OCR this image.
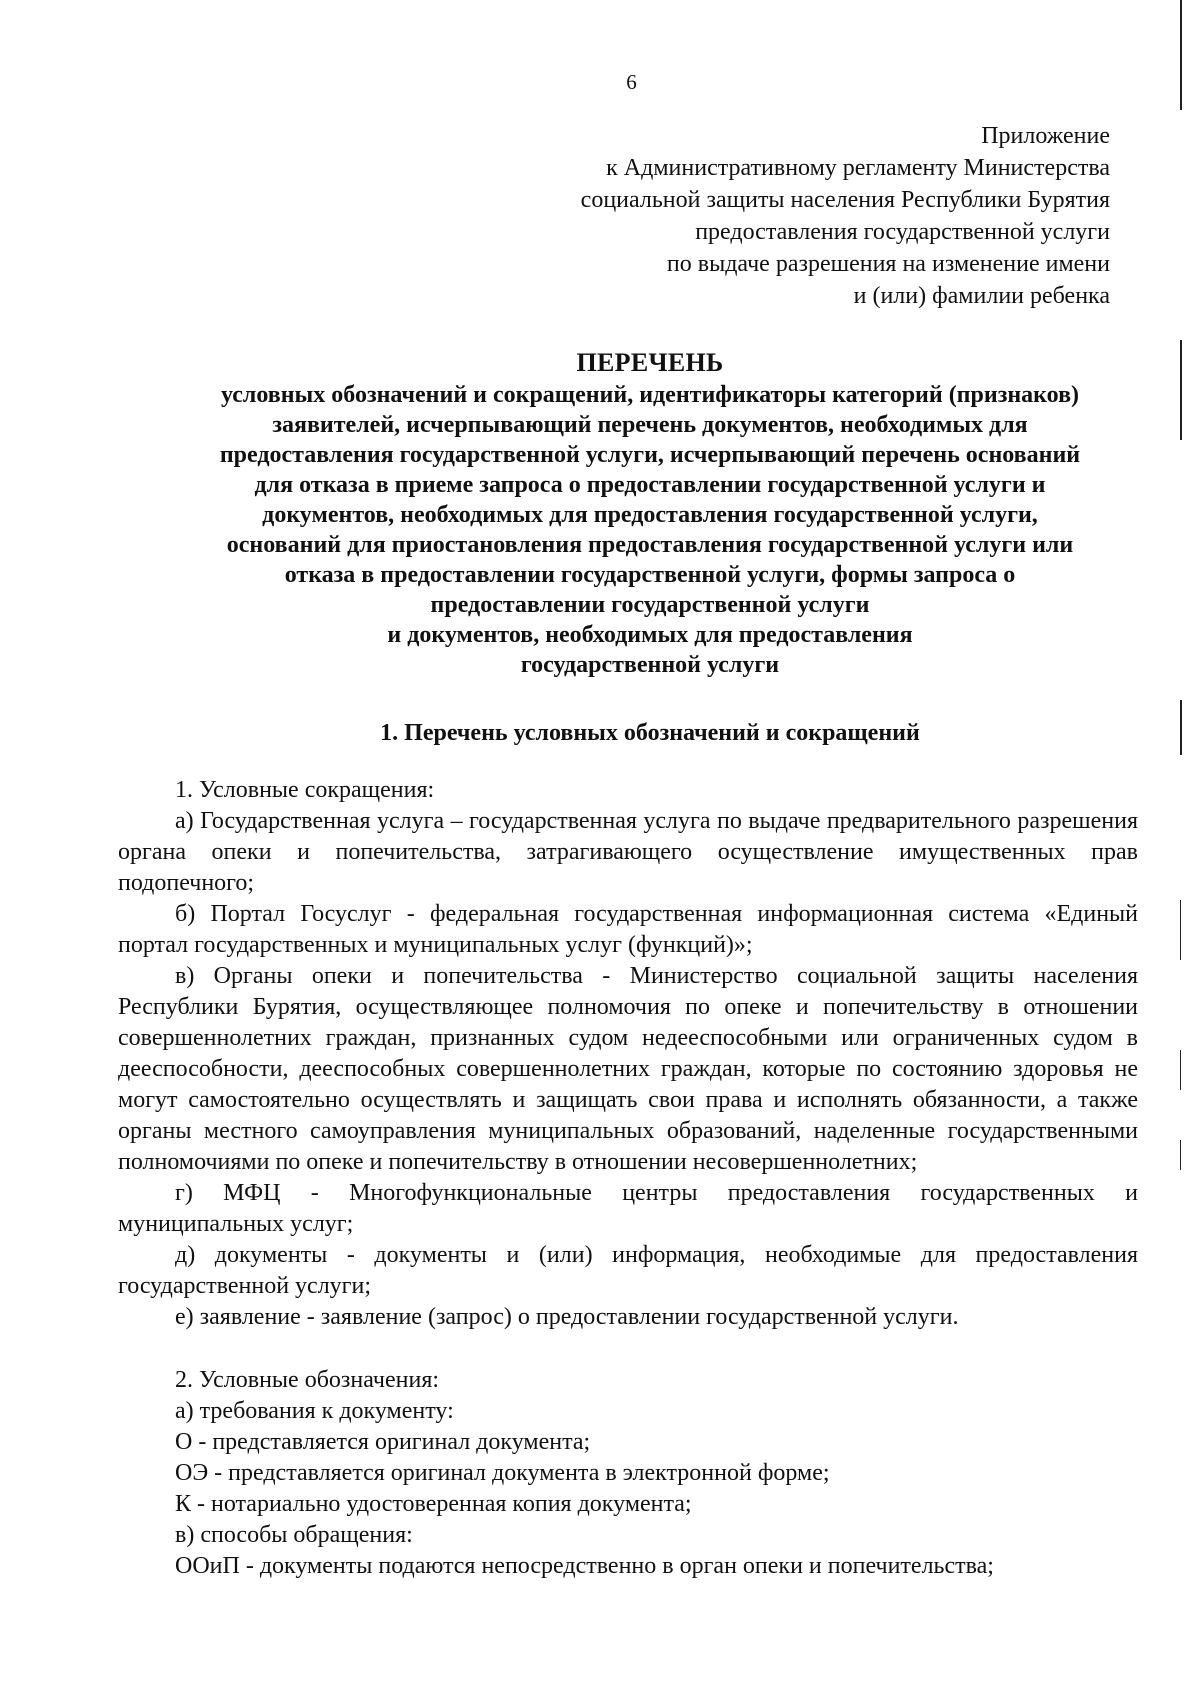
6
Приложение
к Административному регламенту Министерства
социальной защиты населения Республики Бурятия
предоставления государственной услуги
по выдаче разрешения на изменение имени
и (или) фамилии ребенка
ПЕРЕЧЕНЬ
условных обозначений и сокращений, идентификаторы категорий (признаков)
заявителей, исчерпывающий перечень документов, необходимых для
предоставления государственной услуги, исчерпывающий перечень оснований
для отказа в приеме запроса о предоставлении государственной услуги и
документов, необходимых для предоставления государственной услуги,
оснований для приостановления предоставления государственной услуги или
отказа в предоставлении государственной услуги, формы запроса о
предоставлении государственной услуги
и документов, необходимых для предоставления
государственной услуги
1. Перечень условных обозначений и сокращений

1. Условные сокращения:

а) Государственная услуга – государственная услуга по выдаче предварительного разрешения органа опеки и попечительства, затрагивающего осуществление имущественных прав подопечного;

б) Портал Госуслуг - федеральная государственная информационная система «Единый портал государственных и муниципальных услуг (функций)»;

в) Органы опеки и попечительства - Министерство социальной защиты населения Республики Бурятия, осуществляющее полномочия по опеке и попечительству в отношении совершеннолетних граждан, признанных судом недееспособными или ограниченных судом в дееспособности, дееспособных совершеннолетних граждан, которые по состоянию здоровья не могут самостоятельно осуществлять и защищать свои права и исполнять обязанности, а также органы местного самоуправления муниципальных образований, наделенные государственными полномочиями по опеке и попечительству в отношении несовершеннолетних;

г) МФЦ - Многофункциональные центры предоставления государственных и муниципальных услуг;

д) документы - документы и (или) информация, необходимые для предоставления государственной услуги;

е) заявление - заявление (запрос) о предоставлении государственной услуги.

2. Условные обозначения:

а) требования к документу:

О - представляется оригинал документа;

ОЭ - представляется оригинал документа в электронной форме;

К - нотариально удостоверенная копия документа;

в) способы обращения:

ООиП - документы подаются непосредственно в орган опеки и попечительства;
